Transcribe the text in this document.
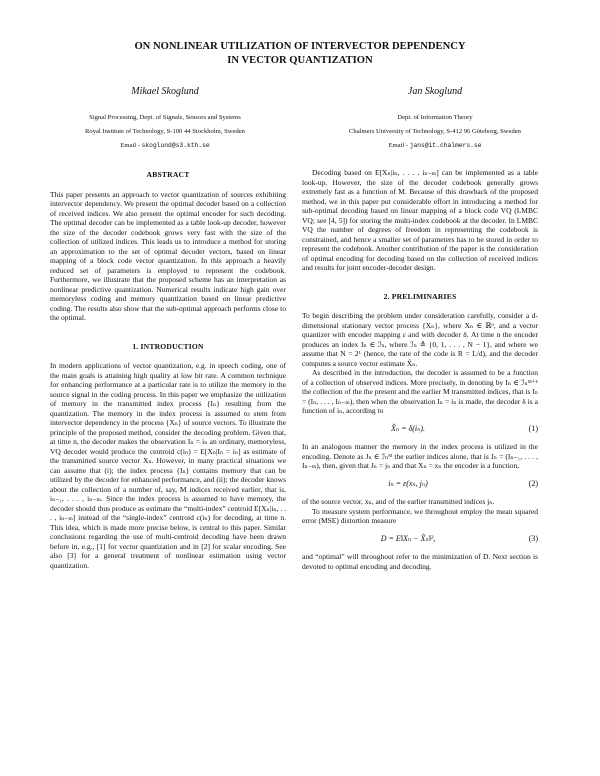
ON NONLINEAR UTILIZATION OF INTERVECTOR DEPENDENCY
IN VECTOR QUANTIZATION
Mikael Skoglund	Jan Skoglund
Signal Processing, Dept. of Signals, Sensors and Systems
Royal Institute of Technology, S-100 44 Stockholm, Sweden
Email - skoglund@s3.kth.se
Dept. of Information Theory
Chalmers University of Technology, S-412 96 Göteborg, Sweden
Email - jans@it.chalmers.se
ABSTRACT

This paper presents an approach to vector quantization of sources exhibiting intervector dependency. We present the optimal decoder based on a collection of received indices. We also present the optimal encoder for such decoding. The optimal decoder can be implemented as a table look-up decoder, however the size of the decoder codebook grows very fast with the size of the collection of utilized indices. This leads us to introduce a method for storing an approximation to the set of optimal decoder vectors, based on linear mapping of a block code vector quantization. In this approach a heavily reduced set of parameters is employed to represent the codebook. Furthermore, we illustrate that the proposed scheme has an interpretation as nonlinear predictive quantization. Numerical results indicate high gain over memoryless coding and memory quantization based on linear predictive coding. The results also show that the sub-optimal approach performs close to the optimal.

1. INTRODUCTION

In modern applications of vector quantization, e.g. in speech coding, one of the main goals is attaining high quality at low bit rate. A common technique for enhancing performance at a particular rate is to utilize the memory in the source signal in the coding process. In this paper we emphasize the utilization of memory in the transmitted index process {Iₙ} resulting from the quantization. The memory in the index process is assumed to stem from intervector dependency in the process {Xₙ} of source vectors. To illustrate the principle of the proposed method, consider the decoding problem. Given that, at time n, the decoder makes the observation Iₙ = iₙ an ordinary, memoryless, VQ decoder would produce the centroid c(iₙ) = E[Xₙ|Iₙ = iₙ] as estimate of the transmitted source vector Xₙ. However, in many practical situations we can assume that (i); the index process {Iₙ} contains memory that can be utilized by the decoder for enhanced performance, and (ii); the decoder knows about the collection of a number of, say, M indices received earlier, that is, iₙ₋₁, . . . , iₙ₋ₘ. Since the index process is assumed to have memory, the decoder should thus produce as estimate the “multi-index” centroid E[Xₙ|iₙ, . . . , iₙ₋ₘ] instead of the “single-index” centroid c(iₙ) for decoding, at time n. This idea, which is made more precise below, is central to this paper. Similar conclusions regarding the use of multi-centroid decoding have been drawn before in, e.g., [1] for vector quantization and in [2] for scalar encoding. See also [3] for a general treatment of nonlinear estimation using vector quantization.

Decoding based on E[Xₙ|iₙ, . . . , iₙ₋ₘ] can be implemented as a table look-up. However, the size of the decoder codebook generally grows extremely fast as a function of M. Because of this drawback of the proposed method, we in this paper put considerable effort in introducing a method for sub-optimal decoding based on linear mapping of a block code VQ (LMBC VQ; see [4, 5]) for storing the multi-index codebook at the decoder. In LMBC VQ the number of degrees of freedom in representing the codebook is constrained, and hence a smaller set of parameters has to be stored in order to represent the codebook. Another contribution of the paper is the consideration of optimal encoding for decoding based on the collection of received indices and results for joint encoder-decoder design.

2. PRELIMINARIES

To begin describing the problem under consideration carefully, consider a d-dimensional stationary vector process {Xₙ}, where Xₙ ∈ ℝᵈ, and a vector quantizer with encoder mapping ε and with decoder δ. At time n the encoder produces an index Iₙ ∈ ℐₙ, where ℐₙ ≙ {0, 1, . . . , N − 1}, and where we assume that N = 2ᴸ (hence, the rate of the code is R = L/d), and the decoder computes a source vector estimate X̂ₙ.

As described in the introduction, the decoder is assumed to be a function of a collection of observed indices. More precisely, in denoting by Iₙ ∈ ℐₙᴹ⁺¹ the collection of the the present and the earlier M transmitted indices, that is Iₙ = (Iₙ, . . . , Iₙ₋ₘ), then when the observation Iₙ = iₙ is made, the decoder δ is a function of iₙ, according to

X̂ₙ = δ(iₙ).	(1)

In an analogous manner the memory in the index process is utilized in the encoding. Denote as Jₙ ∈ ℐₙᴹ the earlier indices alone, that is Jₙ = (Iₙ₋₁, . . . , Iₙ₋ₘ), then, given that Jₙ = jₙ and that Xₙ = xₙ the encoder is a function,

iₙ = ε(xₙ, jₙ)	(2)

of the source vector, xₙ, and of the earlier transmitted indices jₙ.

To measure system performance, we throughout employ the mean squared error (MSE) distortion measure

D = E‖Xₙ − X̂ₙ‖²,	(3)

and “optimal” will throughout refer to the minimization of D. Next section is devoted to optimal encoding and decoding.
